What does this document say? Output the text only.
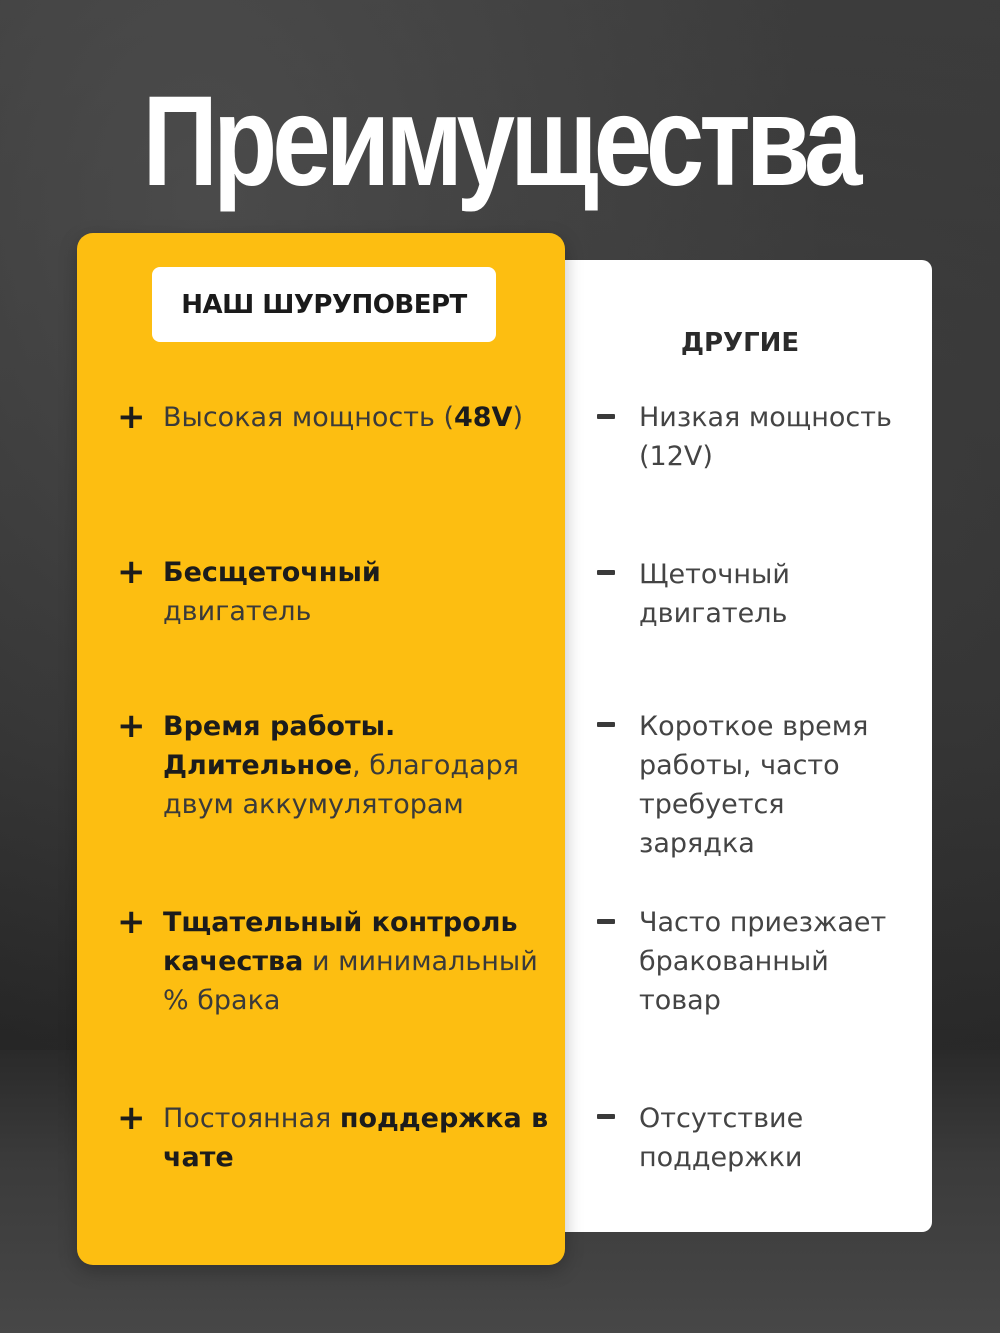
Преимущества
НАШ ШУРУПОВЕРТ
ДРУГИЕ
+ Высокая мощность (48V)
+ Бесщеточный двигатель
+ Время работы. Длительное, благодаря двум аккумуляторам
+ Тщательный контроль качества и минимальный % брака
+ Постоянная поддержка в чате
Низкая мощность (12V)
Щеточный двигатель
Короткое время работы, часто требуется зарядка
Часто приезжает бракованный товар
Отсутствие поддержки
